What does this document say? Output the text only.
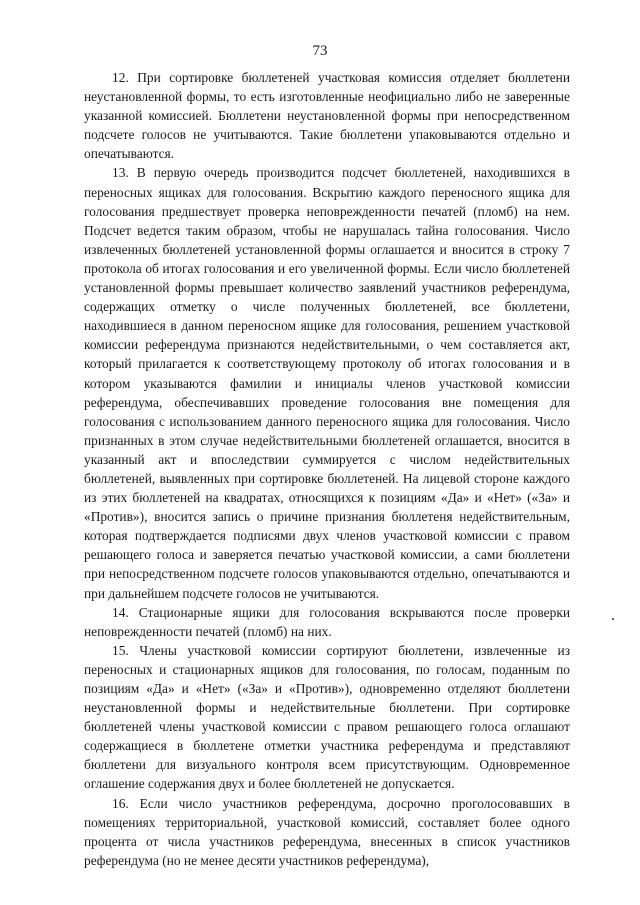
73

12. При сортировке бюллетеней участковая комиссия отделяет бюллетени неустановленной формы, то есть изготовленные неофициально либо не заверенные указанной комиссией. Бюллетени неустановленной формы при непосредственном подсчете голосов не учитываются. Такие бюллетени упаковываются отдельно и опечатываются.

13. В первую очередь производится подсчет бюллетеней, находившихся в переносных ящиках для голосования. Вскрытию каждого переносного ящика для голосования предшествует проверка неповрежденности печатей (пломб) на нем. Подсчет ведется таким образом, чтобы не нарушалась тайна голосования. Число извлеченных бюллетеней установленной формы оглашается и вносится в строку 7 протокола об итогах голосования и его увеличенной формы. Если число бюллетеней установленной формы превышает количество заявлений участников референдума, содержащих отметку о числе полученных бюллетеней, все бюллетени, находившиеся в данном переносном ящике для голосования, решением участковой комиссии референдума признаются недействительными, о чем составляется акт, который прилагается к соответствующему протоколу об итогах голосования и в котором указываются фамилии и инициалы членов участковой комиссии референдума, обеспечивавших проведение голосования вне помещения для голосования с использованием данного переносного ящика для голосования. Число признанных в этом случае недействительными бюллетеней оглашается, вносится в указанный акт и впоследствии суммируется с числом недействительных бюллетеней, выявленных при сортировке бюллетеней. На лицевой стороне каждого из этих бюллетеней на квадратах, относящихся к позициям «Да» и «Нет» («За» и «Против»), вносится запись о причине признания бюллетеня недействительным, которая подтверждается подписями двух членов участковой комиссии с правом решающего голоса и заверяется печатью участковой комиссии, а сами бюллетени при непосредственном подсчете голосов упаковываются отдельно, опечатываются и при дальнейшем подсчете голосов не учитываются.

14. Стационарные ящики для голосования вскрываются после проверки неповрежденности печатей (пломб) на них.

15. Члены участковой комиссии сортируют бюллетени, извлеченные из переносных и стационарных ящиков для голосования, по голосам, поданным по позициям «Да» и «Нет» («За» и «Против»), одновременно отделяют бюллетени неустановленной формы и недействительные бюллетени. При сортировке бюллетеней члены участковой комиссии с правом решающего голоса оглашают содержащиеся в бюллетене отметки участника референдума и представляют бюллетени для визуального контроля всем присутствующим. Одновременное оглашение содержания двух и более бюллетеней не допускается.

16. Если число участников референдума, досрочно проголосовавших в помещениях территориальной, участковой комиссий, составляет более одного процента от числа участников референдума, внесенных в список участников референдума (но не менее десяти участников референдума),
